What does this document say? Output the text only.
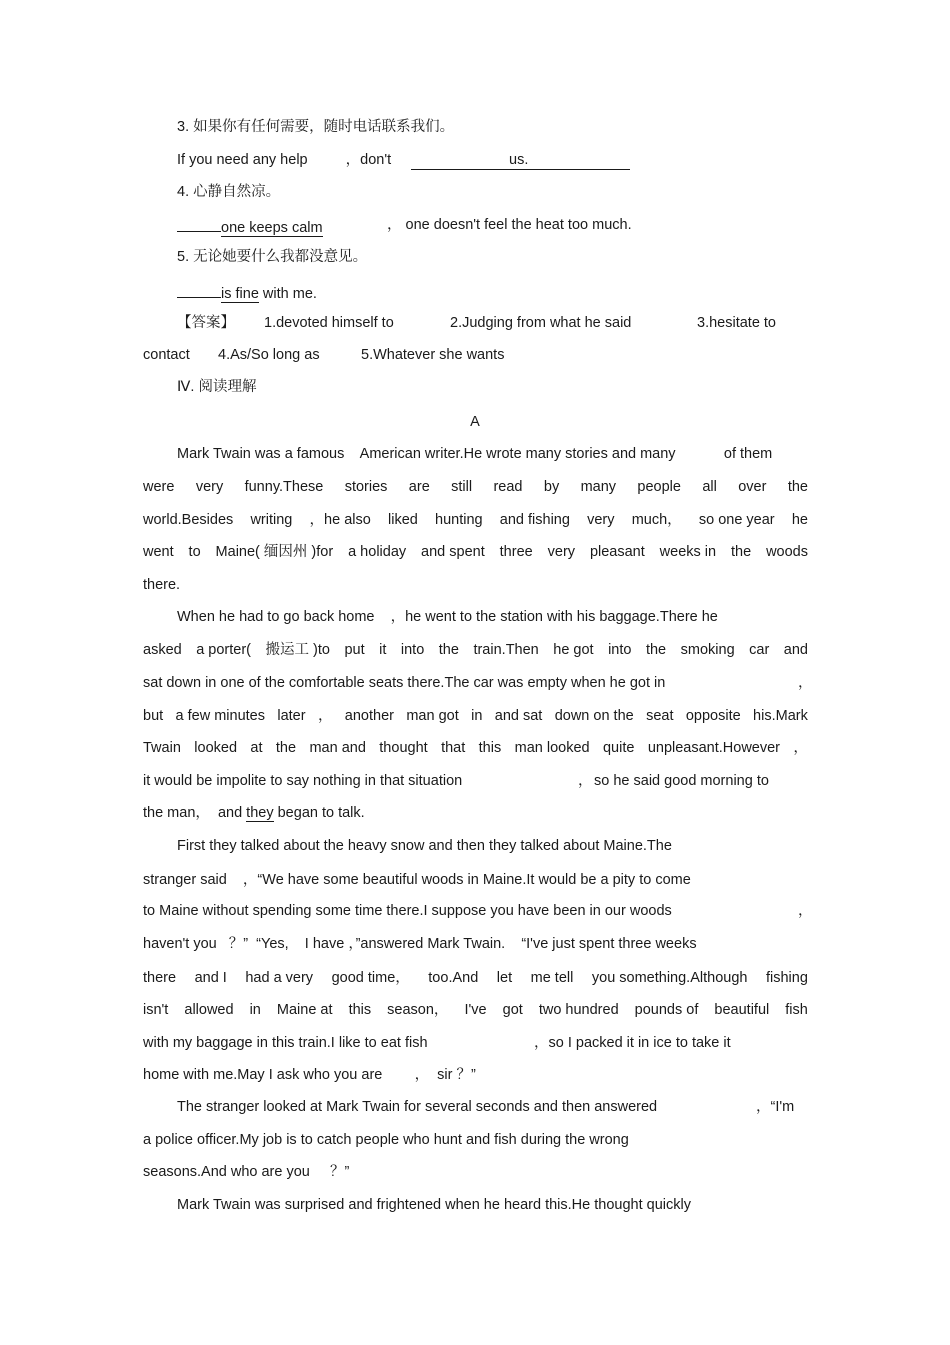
3. 如果你有任何需要，随时电话联系我们。
If you need any help	，don't	us.
4. 心静自然凉。
one keeps calm	， one doesn't feel the heat too much.
5. 无论她要什么我都没意见。
is fine with me.
【答案】 1.devoted himself to	2.Judging from what he said	3.hesitate to
contact 4.As/So long as	5.Whatever she wants
Ⅳ. 阅读理解
A
Mark Twain was a famous    American writer.He wrote many stories and many            of them
were very funny.These stories are still read by many people all over the
world.Besides writing ，he also liked hunting and fishing very much， so one year he
went to Maine( 缅因州 )for a holiday and spent three very pleasant weeks in the woods
there.
When he had to go back home    ，he went to the station with his baggage.There he
asked a porter( 搬运工 )to put it into the train.Then he got into the smoking car and
sat down in one of the comfortable seats there.The car was empty when he got in	，
but a few minutes later ， another man got in and sat down on the seat opposite his.Mark
Twain looked at the man and thought that this man looked quite unpleasant.However ，
it would be impolite to say nothing in that situation	， so he said good morning to
the man，  and they began to talk.
First they talked about the heavy snow and then they talked about Maine.The
stranger said    ，“We have some beautiful woods in Maine.It would be a pity to come
to Maine without spending some time there.I suppose you have been in our woods	，
haven't you   ？”  “Yes,    I have ，”answered Mark Twain.    “I've just spent three weeks
there and I had a very good time， too.And let me tell you something.Although fishing
isn't allowed in Maine at this season， I've got two hundred pounds of beautiful fish
with my baggage in this train.I like to eat fish	，so I packed it in ice to take it
home with me.May I ask who you are        ，  sir ？”
The stranger looked at Mark Twain for several seconds and then answered	，“I'm
a police officer.My job is to catch people who hunt and fish during the wrong
seasons.And who are you     ？”
Mark Twain was surprised and frightened when he heard this.He thought quickly
